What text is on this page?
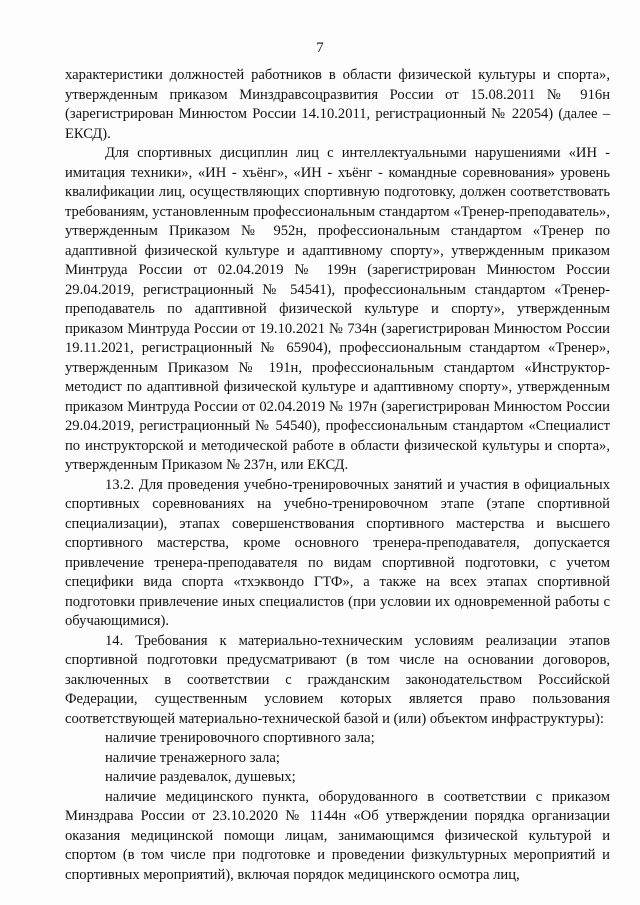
7

характеристики должностей работников в области физической культуры и спорта», утвержденным приказом Минздравсоцразвития России от 15.08.2011 № 916н (зарегистрирован Минюстом России 14.10.2011, регистрационный № 22054) (далее – ЕКСД).

Для спортивных дисциплин лиц с интеллектуальными нарушениями «ИН - имитация техники», «ИН - хъёнг», «ИН - хъёнг - командные соревнования» уровень квалификации лиц, осуществляющих спортивную подготовку, должен соответствовать требованиям, установленным профессиональным стандартом «Тренер-преподаватель», утвержденным Приказом № 952н, профессиональным стандартом «Тренер по адаптивной физической культуре и адаптивному спорту», утвержденным приказом Минтруда России от 02.04.2019 № 199н (зарегистрирован Минюстом России 29.04.2019, регистрационный № 54541), профессиональным стандартом «Тренер-преподаватель по адаптивной физической культуре и спорту», утвержденным приказом Минтруда России от 19.10.2021 № 734н (зарегистрирован Минюстом России 19.11.2021, регистрационный № 65904), профессиональным стандартом «Тренер», утвержденным Приказом № 191н, профессиональным стандартом «Инструктор-методист по адаптивной физической культуре и адаптивному спорту», утвержденным приказом Минтруда России от 02.04.2019 № 197н (зарегистрирован Минюстом России 29.04.2019, регистрационный № 54540), профессиональным стандартом «Специалист по инструкторской и методической работе в области физической культуры и спорта», утвержденным Приказом № 237н, или ЕКСД.

13.2. Для проведения учебно-тренировочных занятий и участия в официальных спортивных соревнованиях на учебно-тренировочном этапе (этапе спортивной специализации), этапах совершенствования спортивного мастерства и высшего спортивного мастерства, кроме основного тренера-преподавателя, допускается привлечение тренера-преподавателя по видам спортивной подготовки, с учетом специфики вида спорта «тхэквондо ГТФ», а также на всех этапах спортивной подготовки привлечение иных специалистов (при условии их одновременной работы с обучающимися).

14. Требования к материально-техническим условиям реализации этапов спортивной подготовки предусматривают (в том числе на основании договоров, заключенных в соответствии с гражданским законодательством Российской Федерации, существенным условием которых является право пользования соответствующей материально-технической базой и (или) объектом инфраструктуры):

наличие тренировочного спортивного зала;

наличие тренажерного зала;

наличие раздевалок, душевых;

наличие медицинского пункта, оборудованного в соответствии с приказом Минздрава России от 23.10.2020 № 1144н «Об утверждении порядка организации оказания медицинской помощи лицам, занимающимся физической культурой и спортом (в том числе при подготовке и проведении физкультурных мероприятий и спортивных мероприятий), включая порядок медицинского осмотра лиц,
